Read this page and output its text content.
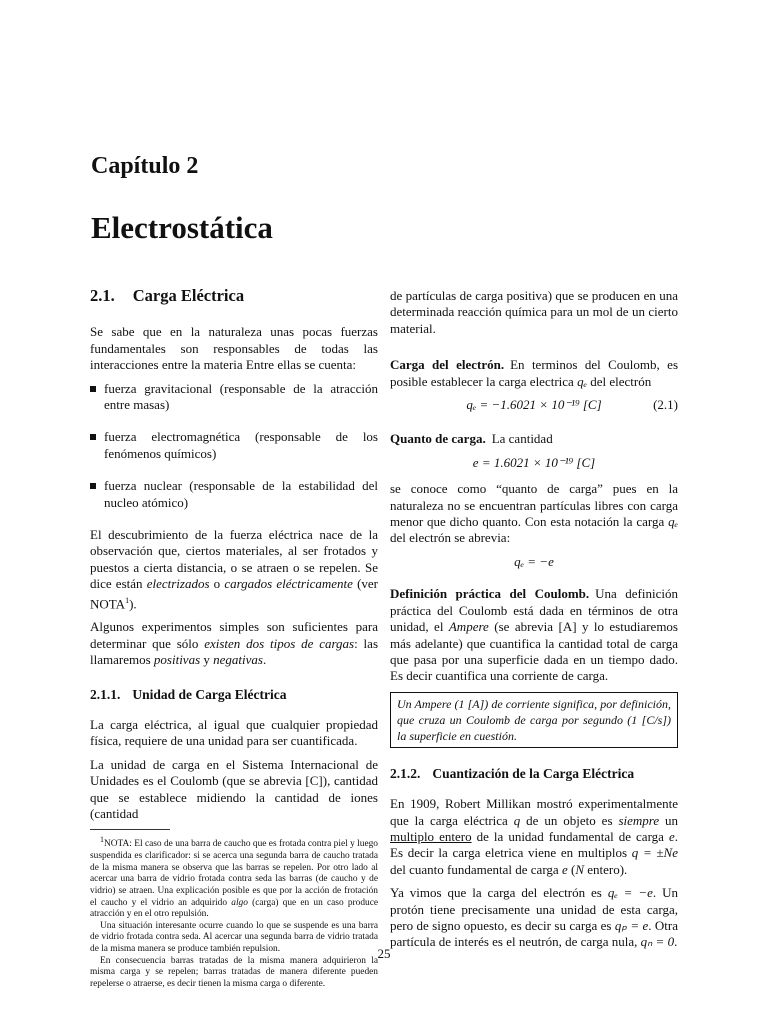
Capítulo 2
Electrostática
2.1. Carga Eléctrica

Se sabe que en la naturaleza unas pocas fuerzas fundamentales son responsables de todas las interacciones entre la materia Entre ellas se cuenta:

fuerza gravitacional (responsable de la atracción entre masas)
fuerza electromagnética (responsable de los fenómenos químicos)
fuerza nuclear (responsable de la estabilidad del nucleo atómico)

El descubrimiento de la fuerza eléctrica nace de la observación que, ciertos materiales, al ser frotados y puestos a cierta distancia, o se atraen o se repelen. Se dice están electrizados o cargados eléctricamente (ver NOTA$^1$).

Algunos experimentos simples son suficientes para determinar que sólo existen dos tipos de cargas: las llamaremos positivas y negativas.

2.1.1. Unidad de Carga Eléctrica

La carga eléctrica, al igual que cualquier propiedad física, requiere de una unidad para ser cuantificada.

La unidad de carga en el Sistema Internacional de Unidades es el Coulomb (que se abrevia [C]), cantidad que se establece midiendo la cantidad de iones (cantidad

$^1$NOTA: El caso de una barra de caucho que es frotada contra piel y luego suspendida es clarificador: si se acerca una segunda barra de caucho tratada de la misma manera se observa que las barras se repelen. Por otro lado al acercar una barra de vidrio frotada contra seda las barras (de caucho y de vidrio) se atraen. Una explicación posible es que por la acción de frotación el caucho y el vidrio an adquirido algo (carga) que en un caso produce atracción y en el otro repulsión.

Una situación interesante ocurre cuando lo que se suspende es una barra de vidrio frotada contra seda. Al acercar una segunda barra de vidrio tratada de la misma manera se produce también repulsion.

En consecuencia barras tratadas de la misma manera adquirieron la misma carga y se repelen; barras tratadas de manera diferente pueden repelerse o atraerse, es decir tienen la misma carga o diferente.

de partículas de carga positiva) que se producen en una determinada reacción química para un mol de un cierto material.

Carga del electrón. En terminos del Coulomb, es posible establecer la carga electrica qₑ del electrón

qₑ = −1.6021 × 10⁻¹⁹ [C]	(2.1)

Quanto de carga. La cantidad

e = 1.6021 × 10⁻¹⁹ [C]

se conoce como “quanto de carga” pues en la naturaleza no se encuentran partículas libres con carga menor que dicho quanto. Con esta notación la carga qₑ del electrón se abrevia:

qₑ = −e

Definición práctica del Coulomb. Una definición práctica del Coulomb está dada en términos de otra unidad, el Ampere (se abrevia [A] y lo estudiaremos más adelante) que cuantifica la cantidad total de carga que pasa por una superficie dada en un tiempo dado. Es decir cuantifica una corriente de carga.

Un Ampere (1 [A]) de corriente significa, por definición, que cruza un Coulomb de carga por segundo (1 [C/s]) la superficie en cuestión.
2.1.2. Cuantización de la Carga Eléctrica

En 1909, Robert Millikan mostró experimentalmente que la carga eléctrica q de un objeto es siempre un multiplo entero de la unidad fundamental de carga e. Es decir la carga eletrica viene en multiplos q = ±Ne del cuanto fundamental de carga e (N entero).

Ya vimos que la carga del electrón es qₑ = −e. Un protón tiene precisamente una unidad de esta carga, pero de signo opuesto, es decir su carga es qₚ = e. Otra partícula de interés es el neutrón, de carga nula, qₙ = 0.

25
